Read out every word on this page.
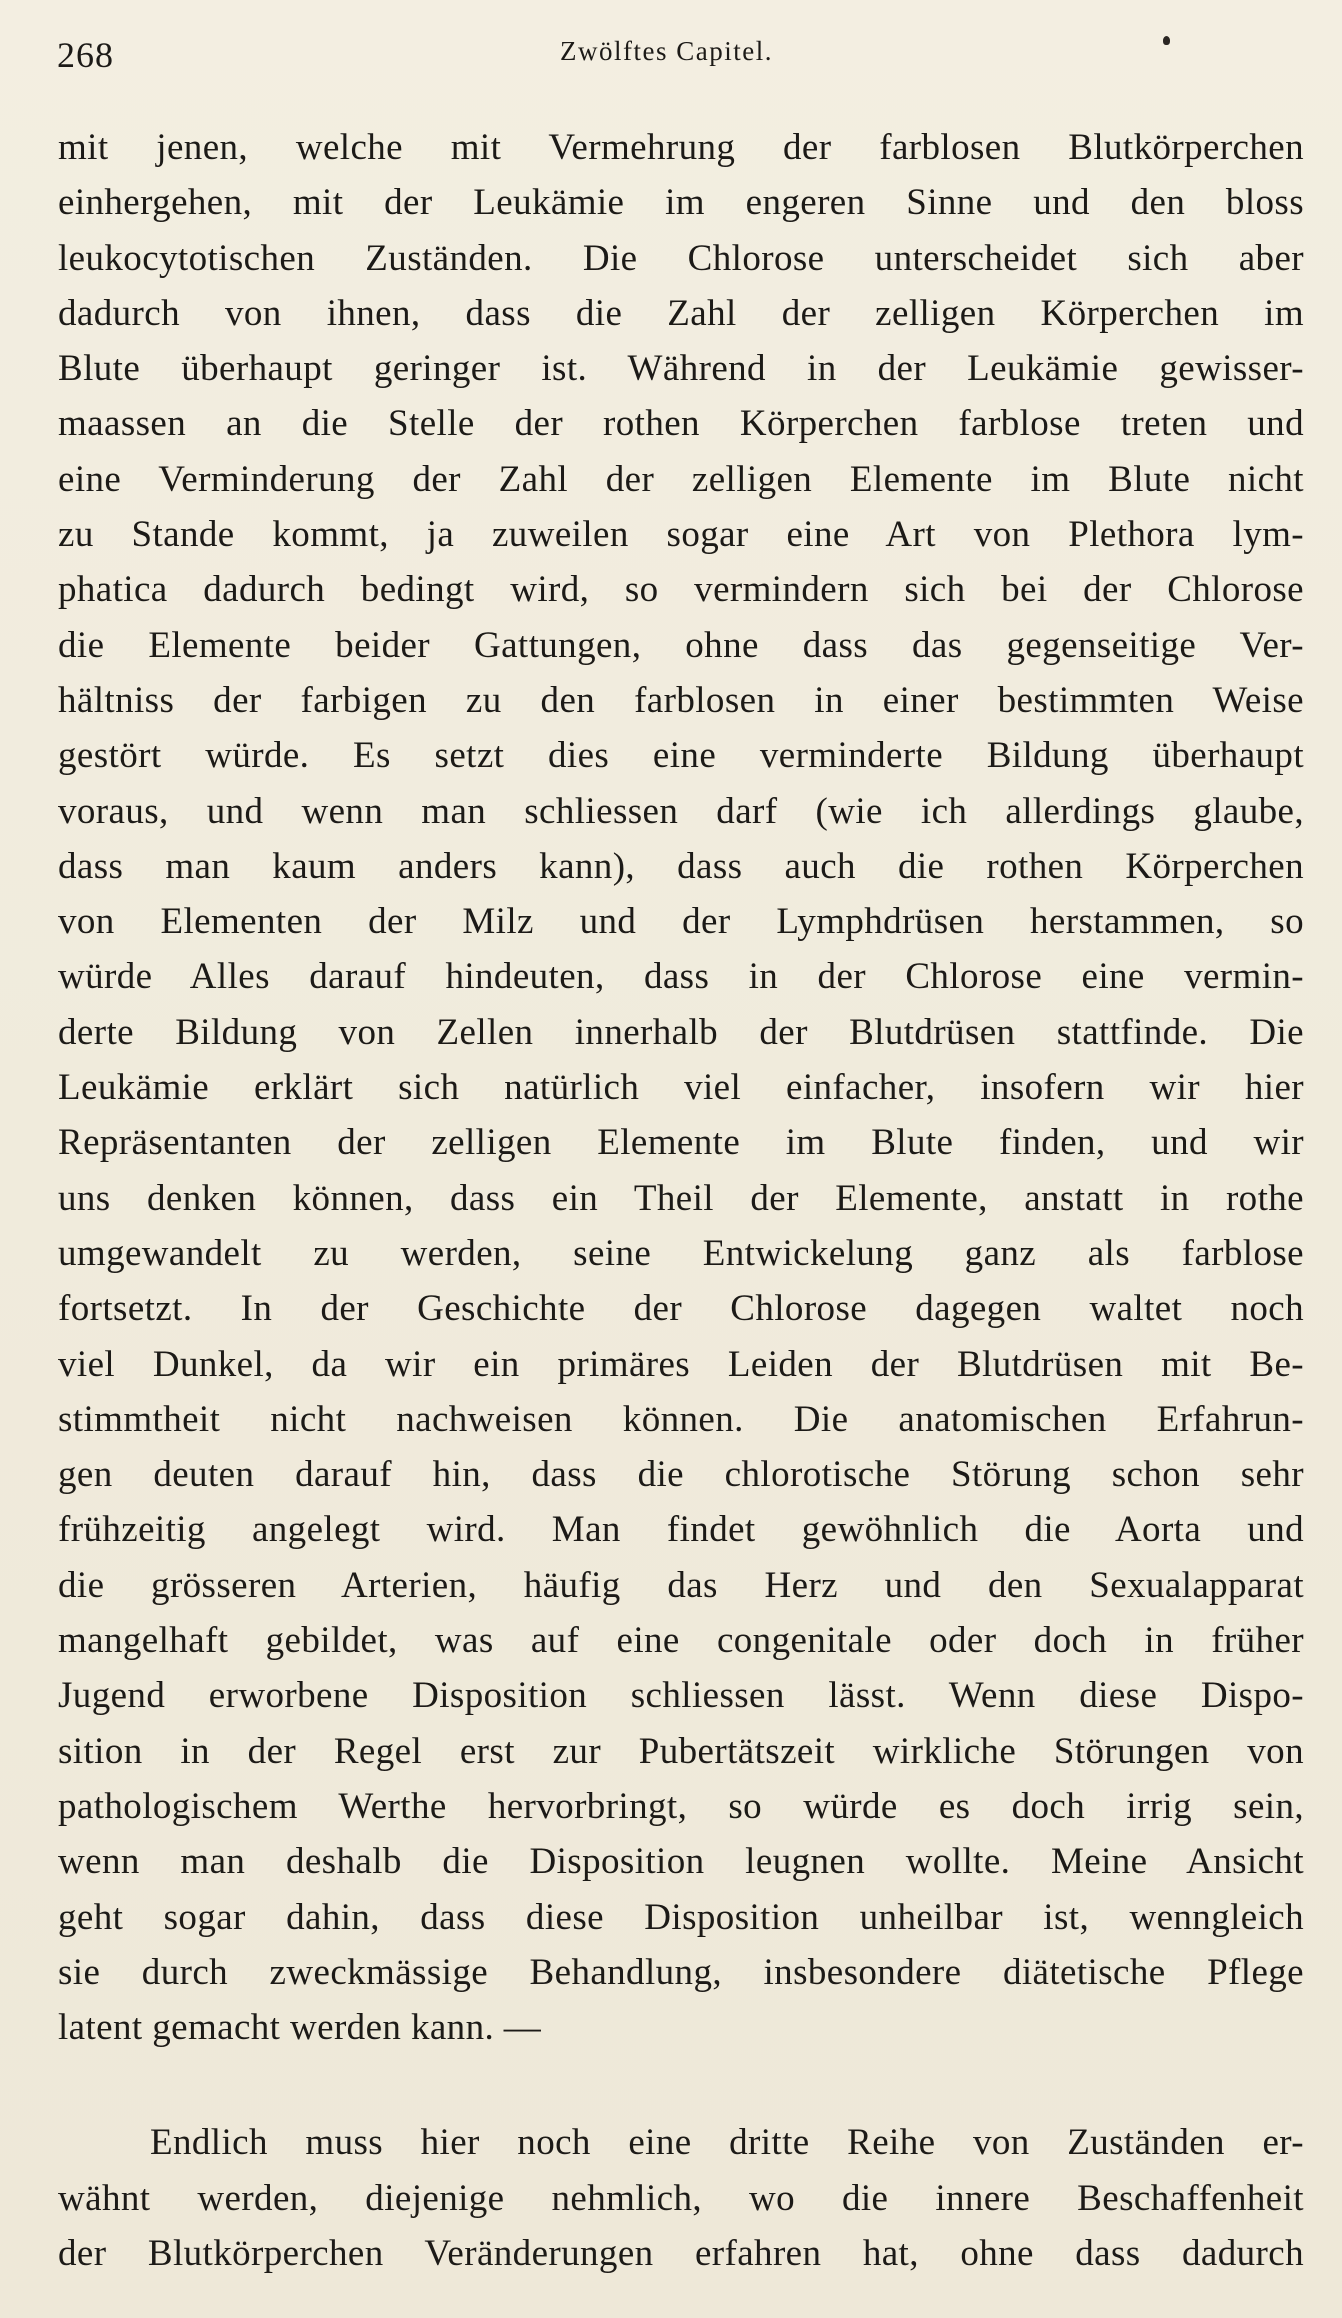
268	Zwölftes Capitel.
mit jenen, welche mit Vermehrung der farblosen Blutkörperchen
einhergehen, mit der Leukämie im engeren Sinne und den bloss
leukocytotischen Zuständen. Die Chlorose unterscheidet sich aber
dadurch von ihnen, dass die Zahl der zelligen Körperchen im
Blute überhaupt geringer ist. Während in der Leukämie gewisser-
maassen an die Stelle der rothen Körperchen farblose treten und
eine Verminderung der Zahl der zelligen Elemente im Blute nicht
zu Stande kommt, ja zuweilen sogar eine Art von Plethora lym-
phatica dadurch bedingt wird, so vermindern sich bei der Chlorose
die Elemente beider Gattungen, ohne dass das gegenseitige Ver-
hältniss der farbigen zu den farblosen in einer bestimmten Weise
gestört würde. Es setzt dies eine verminderte Bildung überhaupt
voraus, und wenn man schliessen darf (wie ich allerdings glaube,
dass man kaum anders kann), dass auch die rothen Körperchen
von Elementen der Milz und der Lymphdrüsen herstammen, so
würde Alles darauf hindeuten, dass in der Chlorose eine vermin-
derte Bildung von Zellen innerhalb der Blutdrüsen stattfinde. Die
Leukämie erklärt sich natürlich viel einfacher, insofern wir hier
Repräsentanten der zelligen Elemente im Blute finden, und wir
uns denken können, dass ein Theil der Elemente, anstatt in rothe
umgewandelt zu werden, seine Entwickelung ganz als farblose
fortsetzt. In der Geschichte der Chlorose dagegen waltet noch
viel Dunkel, da wir ein primäres Leiden der Blutdrüsen mit Be-
stimmtheit nicht nachweisen können. Die anatomischen Erfahrun-
gen deuten darauf hin, dass die chlorotische Störung schon sehr
frühzeitig angelegt wird. Man findet gewöhnlich die Aorta und
die grösseren Arterien, häufig das Herz und den Sexualapparat
mangelhaft gebildet, was auf eine congenitale oder doch in früher
Jugend erworbene Disposition schliessen lässt. Wenn diese Dispo-
sition in der Regel erst zur Pubertätszeit wirkliche Störungen von
pathologischem Werthe hervorbringt, so würde es doch irrig sein,
wenn man deshalb die Disposition leugnen wollte. Meine Ansicht
geht sogar dahin, dass diese Disposition unheilbar ist, wenngleich
sie durch zweckmässige Behandlung, insbesondere diätetische Pflege
latent gemacht werden kann. —
Endlich muss hier noch eine dritte Reihe von Zuständen er-
wähnt werden, diejenige nehmlich, wo die innere Beschaffenheit
der Blutkörperchen Veränderungen erfahren hat, ohne dass dadurch
